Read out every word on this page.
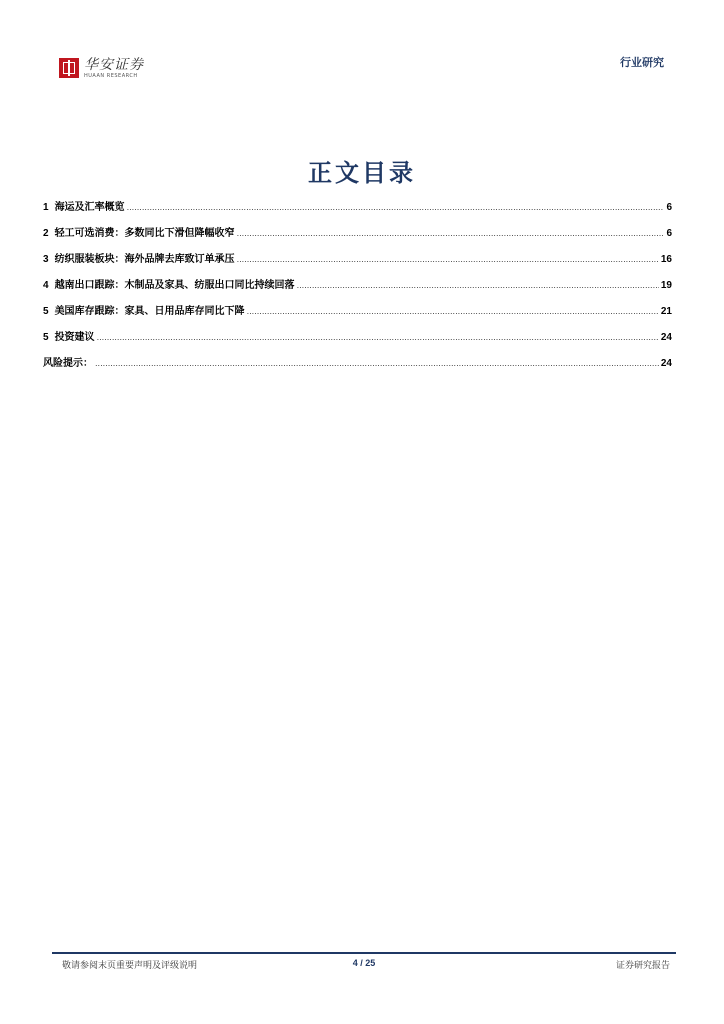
华安证券
HUAAN RESEARCH
行业研究
正文目录
1 海运及汇率概览 .....	6
2 轻工可选消费：多数同比下滑但降幅收窄 .....	6
3 纺织服装板块：海外品牌去库致订单承压 .....	16
4 越南出口跟踪：木制品及家具、纺服出口同比持续回落 .....	19
5 美国库存跟踪：家具、日用品库存同比下降 .....	21
5 投资建议 .....	24
风险提示： .....	24
敬请参阅末页重要声明及评级说明	4 / 25	证券研究报告
